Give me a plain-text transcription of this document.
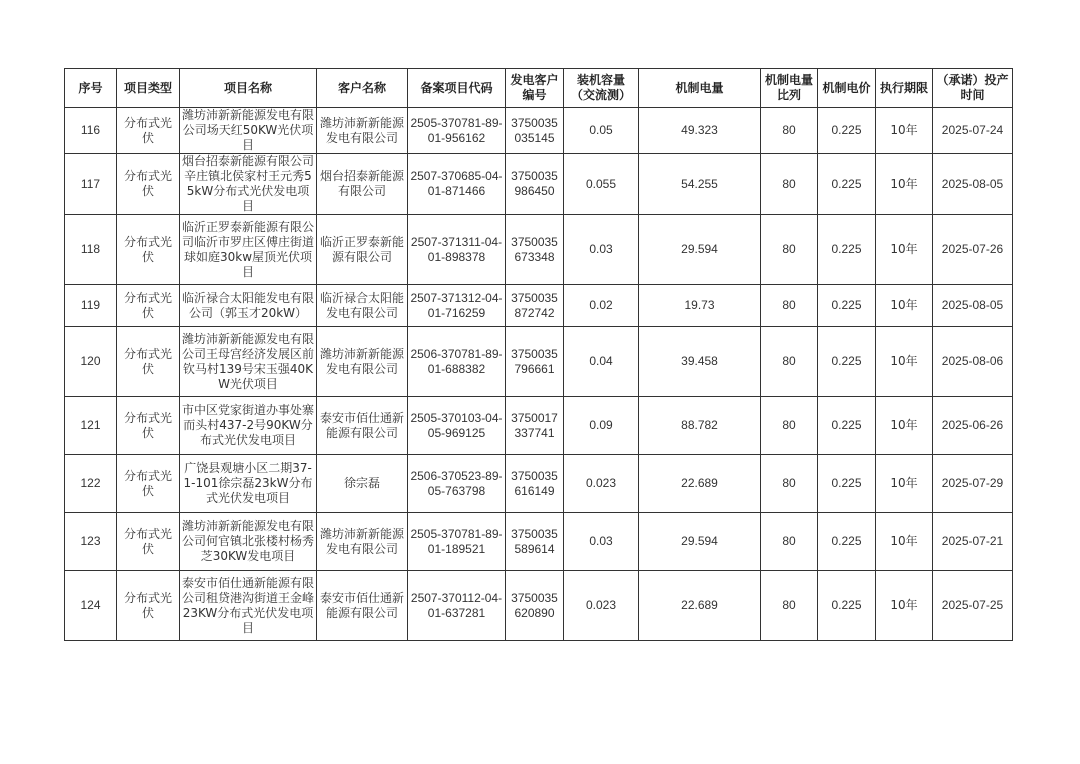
序号	项目类型	项目名称	客户名称	备案项目代码	发电客户编号	装机容量（交流测）	机制电量	机制电量比列	机制电价	执行期限	（承诺）投产时间
116	分布式光伏	潍坊沛新新能源发电有限公司场天红50KW光伏项目	潍坊沛新新能源发电有限公司	2505-370781-89-01-956162	3750035035145	0.05	49.323	80	0.225	10年	2025-07-24
117	分布式光伏	烟台招泰新能源有限公司辛庄镇北侯家村王元秀55kW分布式光伏发电项目	烟台招泰新能源有限公司	2507-370685-04-01-871466	3750035986450	0.055	54.255	80	0.225	10年	2025-08-05
118	分布式光伏	临沂正罗泰新能源有限公司临沂市罗庄区傅庄街道球如庭30kw屋顶光伏项目	临沂正罗泰新能源有限公司	2507-371311-04-01-898378	3750035673348	0.03	29.594	80	0.225	10年	2025-07-26
119	分布式光伏	临沂禄合太阳能发电有限公司（郭玉才20kW）	临沂禄合太阳能发电有限公司	2507-371312-04-01-716259	3750035872742	0.02	19.73	80	0.225	10年	2025-08-05
120	分布式光伏	潍坊沛新新能源发电有限公司王母宫经济发展区前钦马村139号宋玉强40KW光伏项目	潍坊沛新新能源发电有限公司	2506-370781-89-01-688382	3750035796661	0.04	39.458	80	0.225	10年	2025-08-06
121	分布式光伏	市中区党家街道办事处寨而头村437-2号90KW分布式光伏发电项目	泰安市佰仕通新能源有限公司	2505-370103-04-05-969125	3750017337741	0.09	88.782	80	0.225	10年	2025-06-26
122	分布式光伏	广饶县观塘小区二期37-1-101徐宗磊23kW分布式光伏发电项目	徐宗磊	2506-370523-89-05-763798	3750035616149	0.023	22.689	80	0.225	10年	2025-07-29
123	分布式光伏	潍坊沛新新能源发电有限公司何官镇北张楼村杨秀芝30KW发电项目	潍坊沛新新能源发电有限公司	2505-370781-89-01-189521	3750035589614	0.03	29.594	80	0.225	10年	2025-07-21
124	分布式光伏	泰安市佰仕通新能源有限公司租贷港沟街道王金峰23KW分布式光伏发电项目	泰安市佰仕通新能源有限公司	2507-370112-04-01-637281	3750035620890	0.023	22.689	80	0.225	10年	2025-07-25
